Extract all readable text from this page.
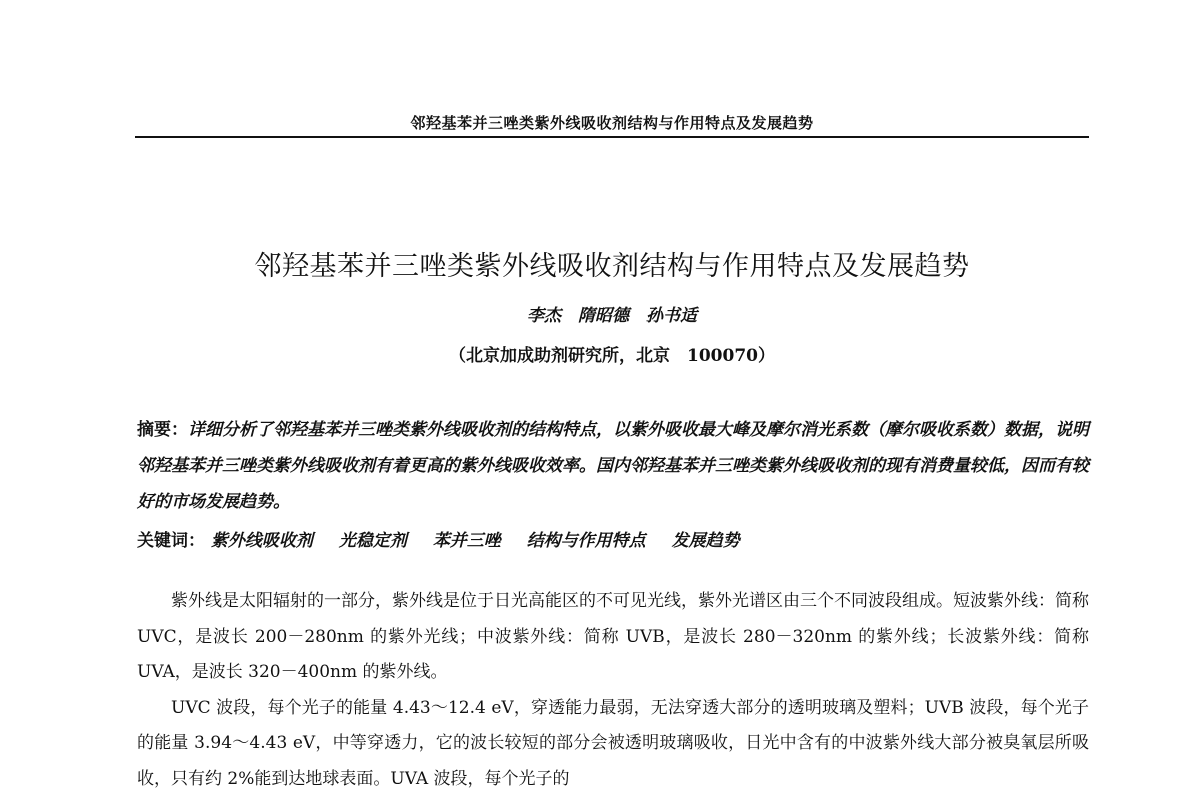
邻羟基苯并三唑类紫外线吸收剂结构与作用特点及发展趋势
邻羟基苯并三唑类紫外线吸收剂结构与作用特点及发展趋势
李杰　隋昭德　孙书适
（北京加成助剂研究所，北京　100070）
摘要：详细分析了邻羟基苯并三唑类紫外线吸收剂的结构特点，以紫外吸收最大峰及摩尔消光系数（摩尔吸收系数）数据，说明邻羟基苯并三唑类紫外线吸收剂有着更高的紫外线吸收效率。国内邻羟基苯并三唑类紫外线吸收剂的现有消费量较低，因而有较好的市场发展趋势。
关键词： 紫外线吸收剂 光稳定剂 苯并三唑 结构与作用特点 发展趋势

紫外线是太阳辐射的一部分，紫外线是位于日光高能区的不可见光线，紫外光谱区由三个不同波段组成。短波紫外线：简称 UVC，是波长 200－280nm 的紫外光线；中波紫外线：简称 UVB，是波长 280－320nm 的紫外线；长波紫外线：简称 UVA，是波长 320－400nm 的紫外线。

UVC 波段，每个光子的能量 4.43～12.4 eV，穿透能力最弱，无法穿透大部分的透明玻璃及塑料；UVB 波段，每个光子的能量 3.94～4.43 eV，中等穿透力，它的波长较短的部分会被透明玻璃吸收，日光中含有的中波紫外线大部分被臭氧层所吸收，只有约 2%能到达地球表面。UVA 波段，每个光子的
